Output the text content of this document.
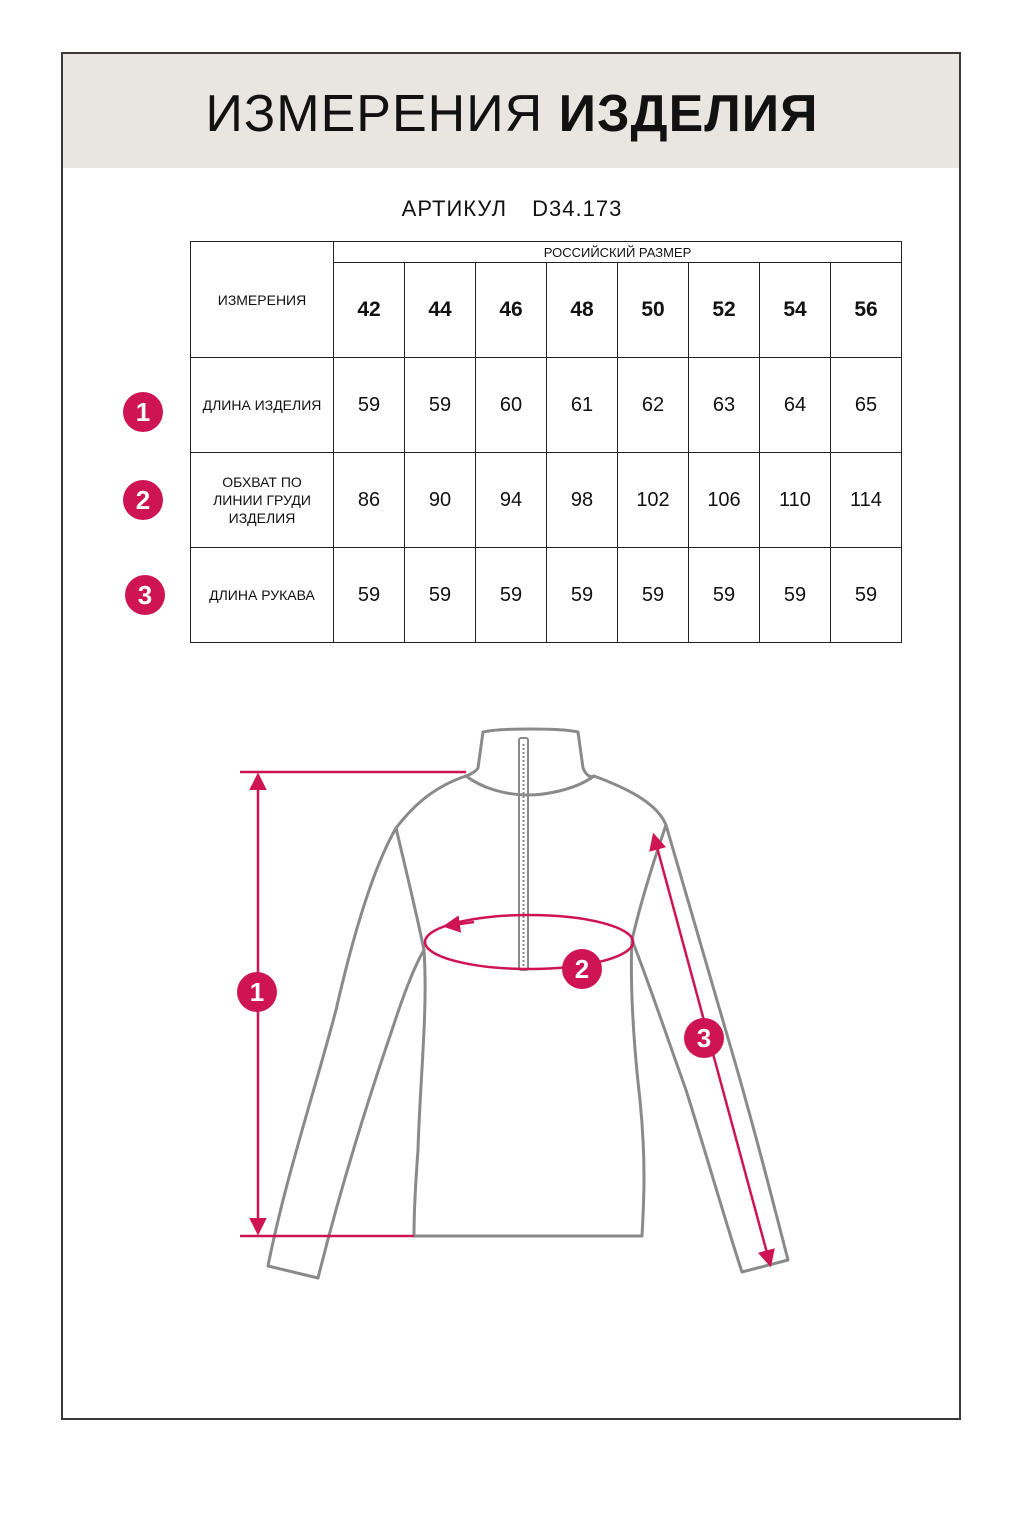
ИЗМЕРЕНИЯ ИЗДЕЛИЯ
АРТИКУЛ D34.173
ИЗМЕРЕНИЯ	РОССИЙСКИЙ РАЗМЕР							
	42	44	46	48	50	52	54	56
ДЛИНА ИЗДЕЛИЯ	59	59	60	61	62	63	64	65
ОБХВАТ ПО
ЛИНИИ ГРУДИ
ИЗДЕЛИЯ	86	90	94	98	102	106	110	114
ДЛИНА РУКАВА	59	59	59	59	59	59	59	59
1
2
3
1
2
3
